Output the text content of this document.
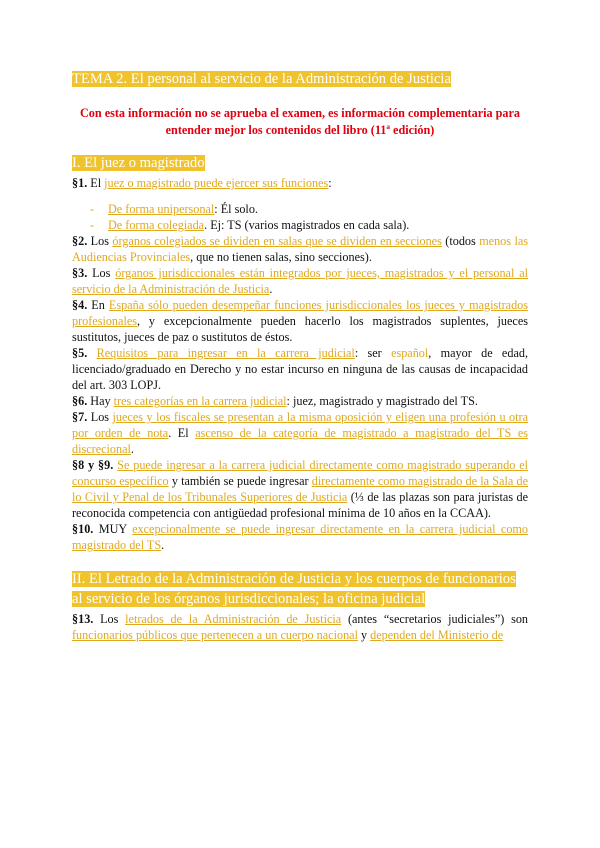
TEMA 2. El personal al servicio de la Administración de Justicia
Con esta información no se aprueba el examen, es información complementaria para entender mejor los contenidos del libro (11ª edición)
I. El juez o magistrado

§1. El juez o magistrado puede ejercer sus funciones:

- De forma unipersonal: Él solo.
- De forma colegiada. Ej: TS (varios magistrados en cada sala).

§2. Los órganos colegiados se dividen en salas que se dividen en secciones (todos menos las Audiencias Provinciales, que no tienen salas, sino secciones).

§3. Los órganos jurisdiccionales están integrados por jueces, magistrados y el personal al servicio de la Administración de Justicia.

§4. En España sólo pueden desempeñar funciones jurisdiccionales los jueces y magistrados profesionales, y excepcionalmente pueden hacerlo los magistrados suplentes, jueces sustitutos, jueces de paz o sustitutos de éstos.

§5. Requisitos para ingresar en la carrera judicial: ser español, mayor de edad, licenciado/graduado en Derecho y no estar incurso en ninguna de las causas de incapacidad del art. 303 LOPJ.

§6. Hay tres categorías en la carrera judicial: juez, magistrado y magistrado del TS.

§7. Los jueces y los fiscales se presentan a la misma oposición y eligen una profesión u otra por orden de nota. El ascenso de la categoría de magistrado a magistrado del TS es discrecional.

§8 y §9. Se puede ingresar a la carrera judicial directamente como magistrado superando el concurso específico y también se puede ingresar directamente como magistrado de la Sala de lo Civil y Penal de los Tribunales Superiores de Justicia (⅓ de las plazas son para juristas de reconocida competencia con antigüedad profesional mínima de 10 años en la CCAA).

§10. MUY excepcionalmente se puede ingresar directamente en la carrera judicial como magistrado del TS.

II. El Letrado de la Administración de Justicia y los cuerpos de funcionarios al servicio de los órganos jurisdiccionales; la oficina judicial

§13. Los letrados de la Administración de Justicia (antes “secretarios judiciales”) son funcionarios públicos que pertenecen a un cuerpo nacional y dependen del Ministerio de
